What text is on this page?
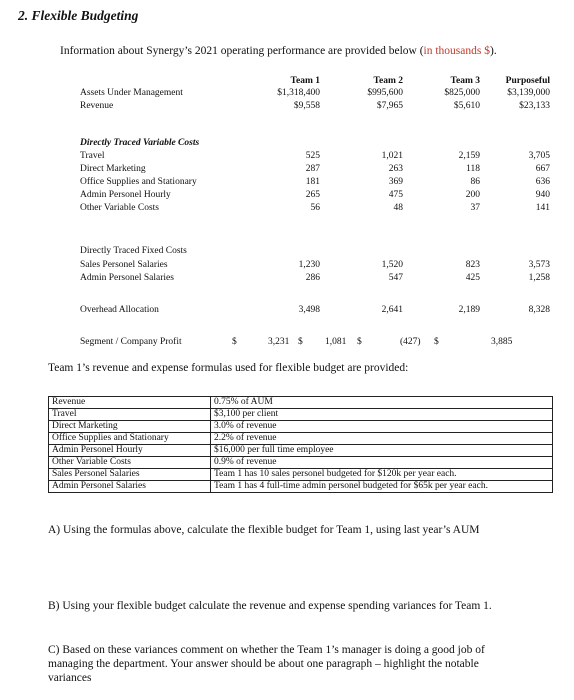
2. Flexible Budgeting
Information about Synergy’s 2021 operating performance are provided below (in thousands $).
Team 1	Team 2	Team 3	Purposeful
Assets Under Management	$1,318,400	$995,600	$825,000	$3,139,000
Revenue	$9,558	$7,965	$5,610	$23,133
Directly Traced Variable Costs
Travel	525	1,021	2,159	3,705
Direct Marketing	287	263	118	667
Office Supplies and Stationary	181	369	86	636
Admin Personel Hourly	265	475	200	940
Other Variable Costs	56	48	37	141
Directly Traced Fixed Costs
Sales Personel Salaries	1,230	1,520	823	3,573
Admin Personel Salaries	286	547	425	1,258
Overhead Allocation	3,498	2,641	2,189	8,328
Segment / Company Profit	$	3,231 $ 1,081 $	(427) $	3,885
Team 1’s revenue and expense formulas used for flexible budget are provided:
Revenue	0.75% of AUM
Travel	$3,100 per client
Direct Marketing	3.0% of revenue
Office Supplies and Stationary	2.2% of revenue
Admin Personel Hourly	$16,000 per full time employee
Other Variable Costs	0.9% of revenue
Sales Personel Salaries	Team 1 has 10 sales personel budgeted for $120k per year each.
Admin Personel Salaries	Team 1 has 4 full-time admin personel budgeted for $65k per year each.
A) Using the formulas above, calculate the flexible budget for Team 1, using last year’s AUM
B) Using your flexible budget calculate the revenue and expense spending variances for Team 1.
C) Based on these variances comment on whether the Team 1’s manager is doing a good job of
managing the department. Your answer should be about one paragraph – highlight the notable
variances
